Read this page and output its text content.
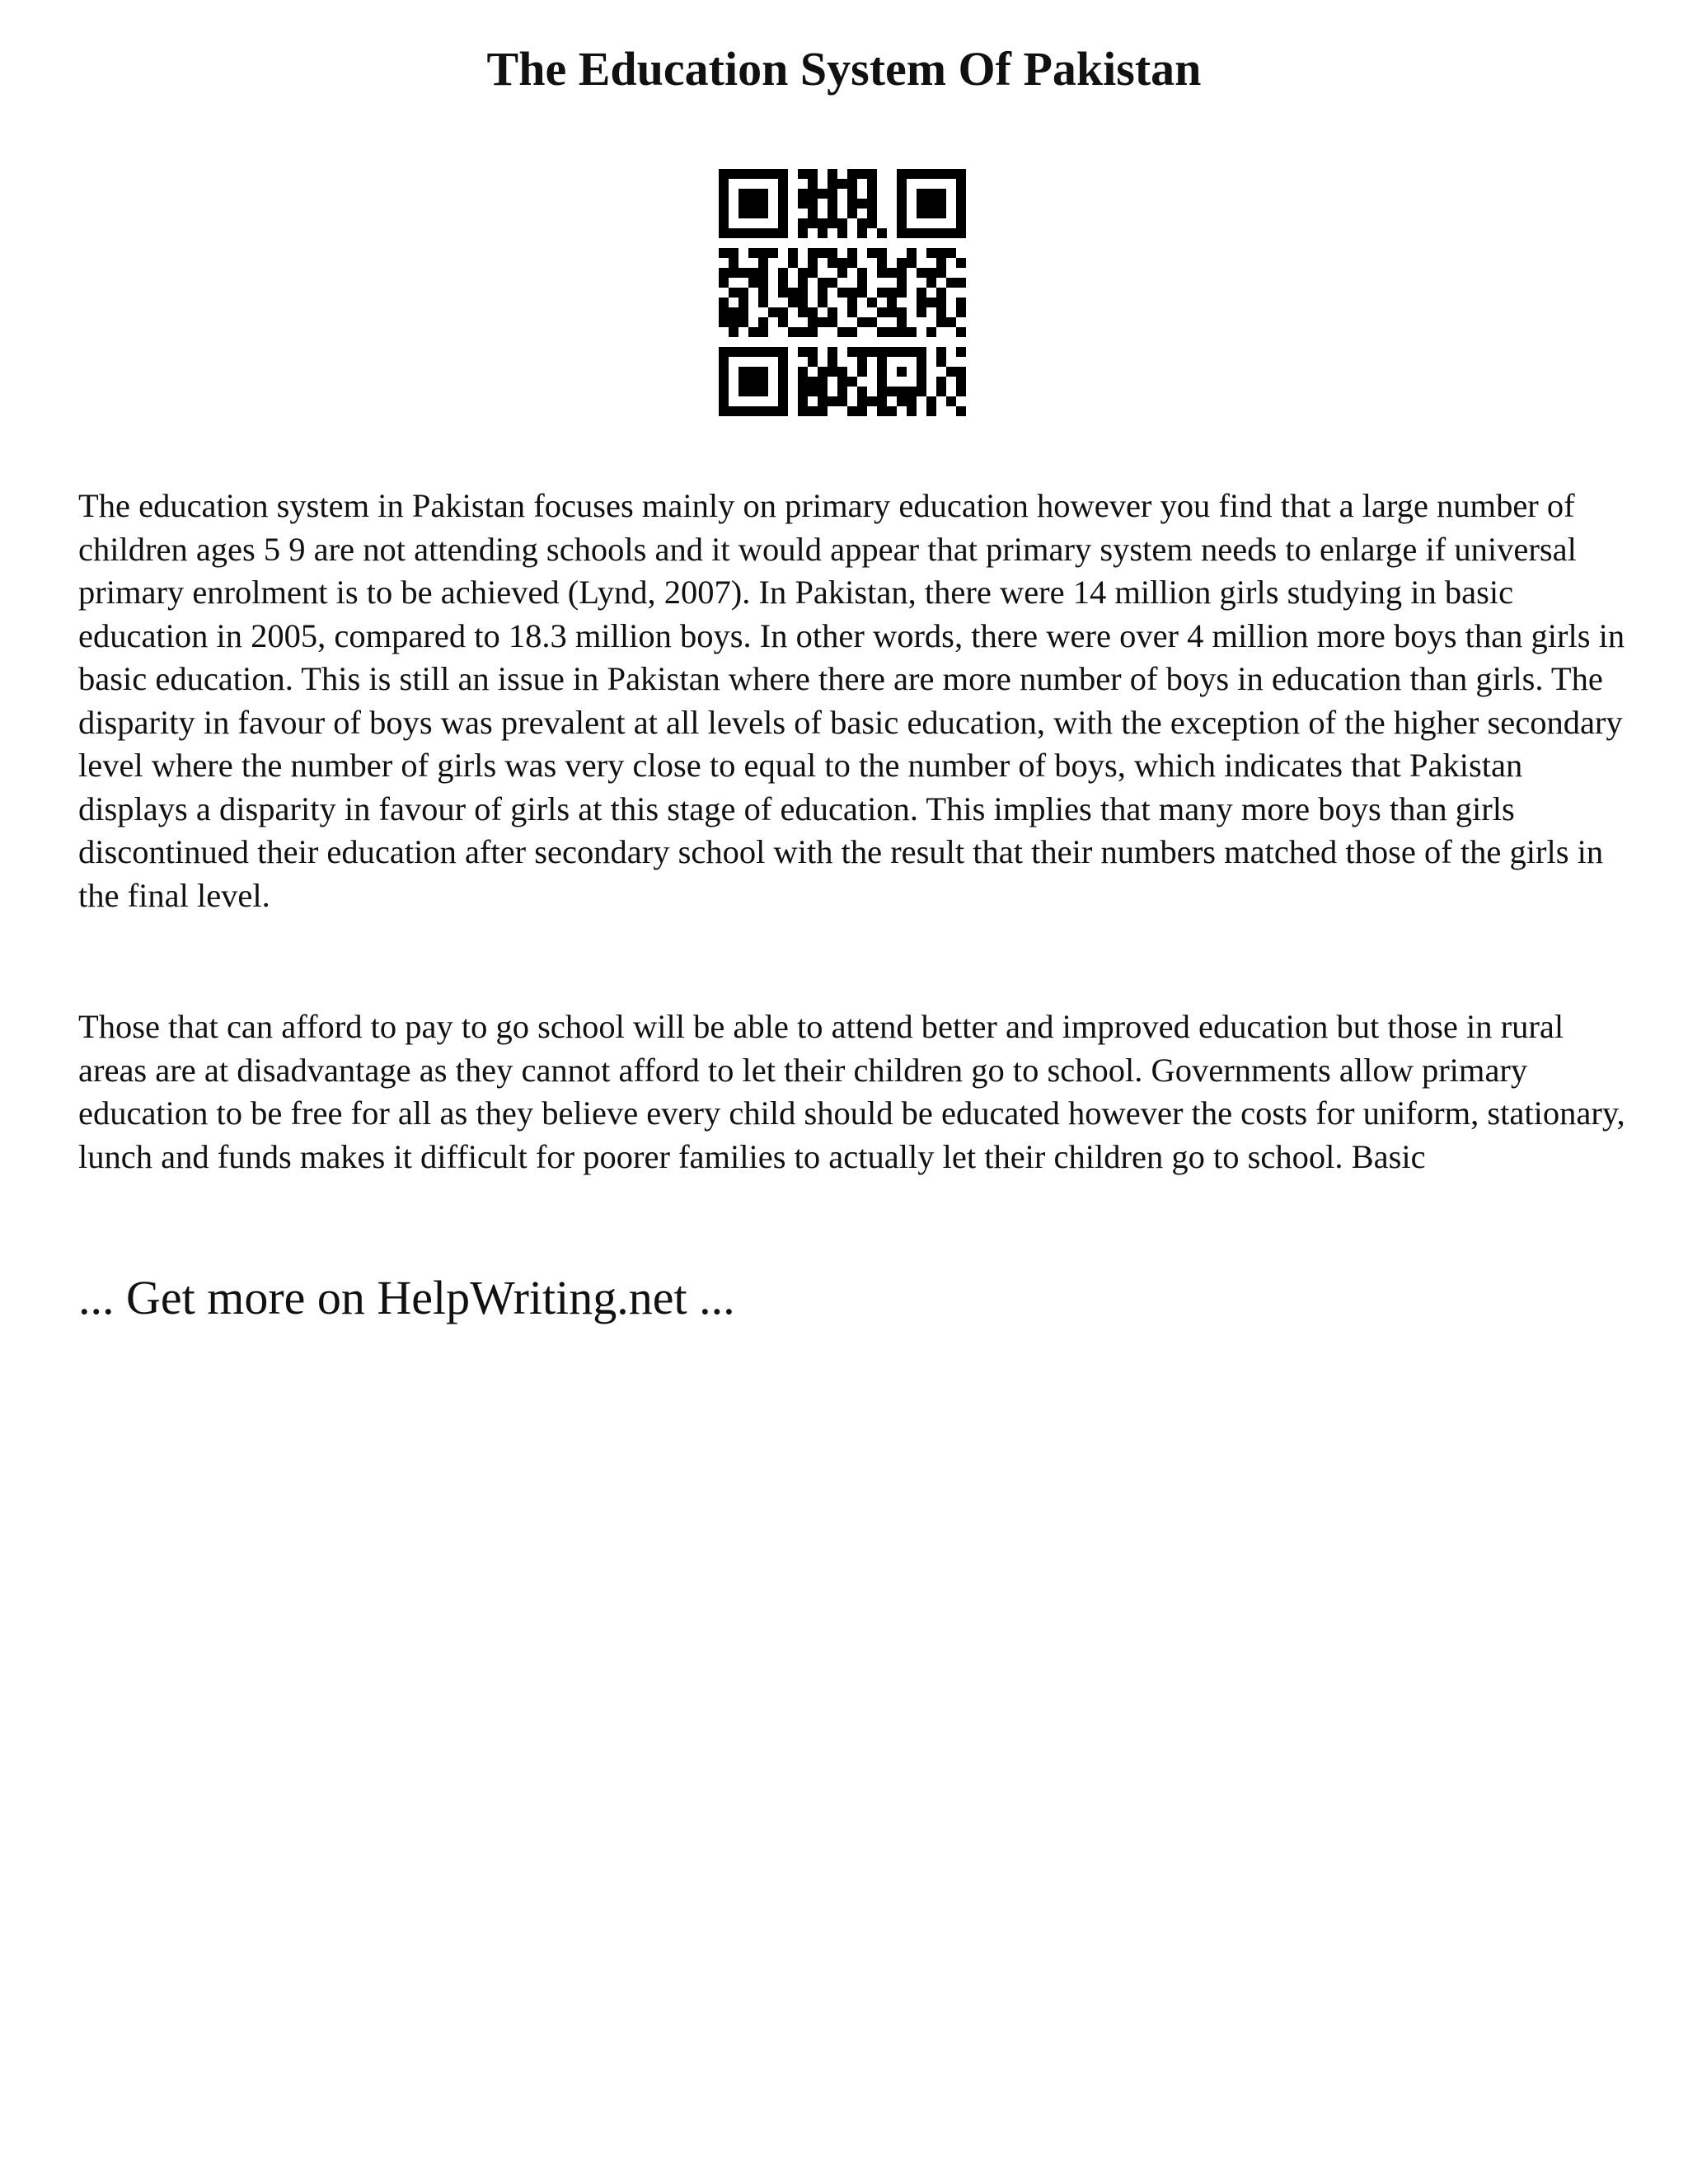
The Education System Of Pakistan

The education system in Pakistan focuses mainly on primary education however you find that a large number of children ages 5 9 are not attending schools and it would appear that primary system needs to enlarge if universal primary enrolment is to be achieved (Lynd, 2007). In Pakistan, there were 14 million girls studying in basic education in 2005, compared to 18.3 million boys. In other words, there were over 4 million more boys than girls in basic education. This is still an issue in Pakistan where there are more number of boys in education than girls. The disparity in favour of boys was prevalent at all levels of basic education, with the exception of the higher secondary level where the number of girls was very close to equal to the number of boys, which indicates that Pakistan displays a disparity in favour of girls at this stage of education. This implies that many more boys than girls discontinued their education after secondary school with the result that their numbers matched those of the girls in the final level.

Those that can afford to pay to go school will be able to attend better and improved education but those in rural areas are at disadvantage as they cannot afford to let their children go to school. Governments allow primary education to be free for all as they believe every child should be educated however the costs for uniform, stationary, lunch and funds makes it difficult for poorer families to actually let their children go to school. Basic

... Get more on HelpWriting.net ...
